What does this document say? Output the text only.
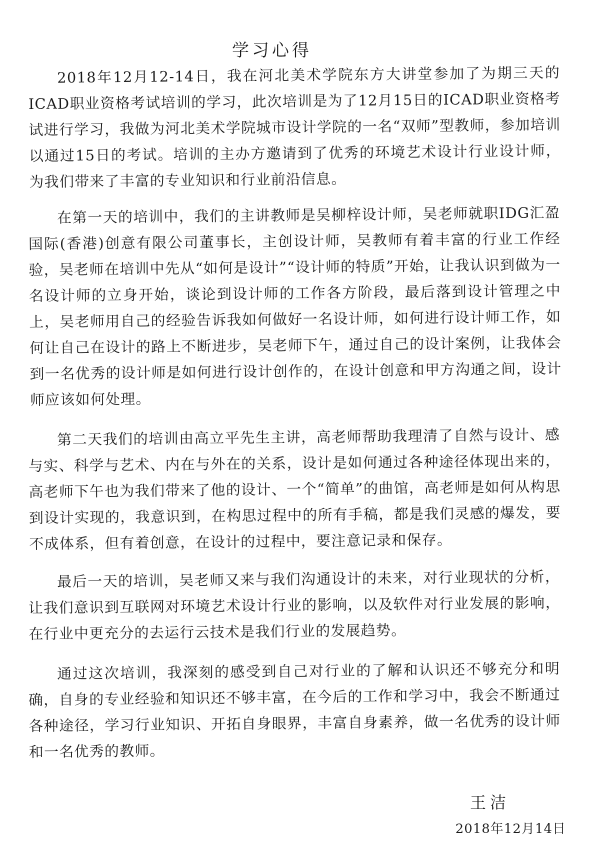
学习心得

2018年12月12-14日，我在河北美术学院东方大讲堂参加了为期三天的ICAD职业资格考试培训的学习，此次培训是为了12月15日的ICAD职业资格考试进行学习，我做为河北美术学院城市设计学院的一名“双师”型教师，参加培训以通过15日的考试。培训的主办方邀请到了优秀的环境艺术设计行业设计师，为我们带来了丰富的专业知识和行业前沿信息。

在第一天的培训中，我们的主讲教师是吴柳梓设计师，吴老师就职IDG汇盈国际(香港)创意有限公司董事长，主创设计师，吴教师有着丰富的行业工作经验，吴老师在培训中先从“如何是设计”“设计师的特质”开始，让我认识到做为一名设计师的立身开始，谈论到设计师的工作各方阶段，最后落到设计管理之中上，吴老师用自己的经验告诉我如何做好一名设计师，如何进行设计师工作，如何让自己在设计的路上不断进步，吴老师下午，通过自己的设计案例，让我体会到一名优秀的设计师是如何进行设计创作的，在设计创意和甲方沟通之间，设计师应该如何处理。

第二天我们的培训由高立平先生主讲，高老师帮助我理清了自然与设计、感与实、科学与艺术、内在与外在的关系，设计是如何通过各种途径体现出来的，高老师下午也为我们带来了他的设计、一个“简单”的曲馆，高老师是如何从构思到设计实现的，我意识到，在构思过程中的所有手稿，都是我们灵感的爆发，要不成体系，但有着创意，在设计的过程中，要注意记录和保存。

最后一天的培训，吴老师又来与我们沟通设计的未来，对行业现状的分析，让我们意识到互联网对环境艺术设计行业的影响，以及软件对行业发展的影响，在行业中更充分的去运行云技术是我们行业的发展趋势。

通过这次培训，我深刻的感受到自己对行业的了解和认识还不够充分和明确，自身的专业经验和知识还不够丰富，在今后的工作和学习中，我会不断通过各种途径，学习行业知识、开拓自身眼界，丰富自身素养，做一名优秀的设计师和一名优秀的教师。

王洁
2018年12月14日
